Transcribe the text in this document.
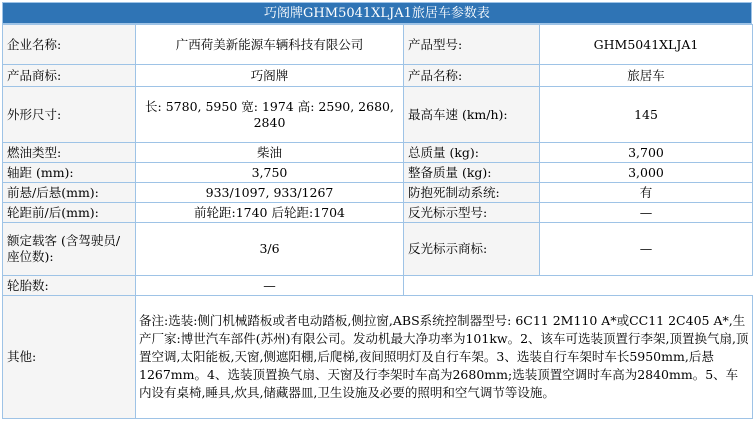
巧阁牌GHM5041XLJA1旅居车参数表
企业名称:	广西荷美新能源车辆科技有限公司	产品型号:	GHM5041XLJA1
产品商标:	巧阁牌	产品名称:	旅居车
外形尺寸:	长: 5780, 5950 宽: 1974 高: 2590, 2680, 2840	最高车速 (km/h):	145
燃油类型:	柴油	总质量 (kg):	3,700
轴距 (mm):	3,750	整备质量 (kg):	3,000
前悬/后悬(mm):	933/1097, 933/1267	防抱死制动系统:	有
轮距前/后(mm):	前轮距:1740 后轮距:1704	反光标示型号:	—
额定载客 (含驾驶员/座位数):	3/6	反光标示商标:	—
轮胎数:	—		
其他:	备注:选装:侧门机械踏板或者电动踏板,侧拉窗,ABS系统控制器型号: 6C11 2M110 A*或CC11 2C405 A*,生产厂家:博世汽车部件(苏州)有限公司。发动机最大净功率为101kw。2、该车可选装顶置行李架,顶置换气扇,顶置空调,太阳能板,天窗,侧遮阳棚,后爬梯,夜间照明灯及自行车架。3、选装自行车架时车长5950mm,后悬1267mm。4、选装顶置换气扇、天窗及行李架时车高为2680mm;选装顶置空调时车高为2840mm。5、车内设有桌椅,睡具,炊具,储藏器皿,卫生设施及必要的照明和空气调节等设施。		
